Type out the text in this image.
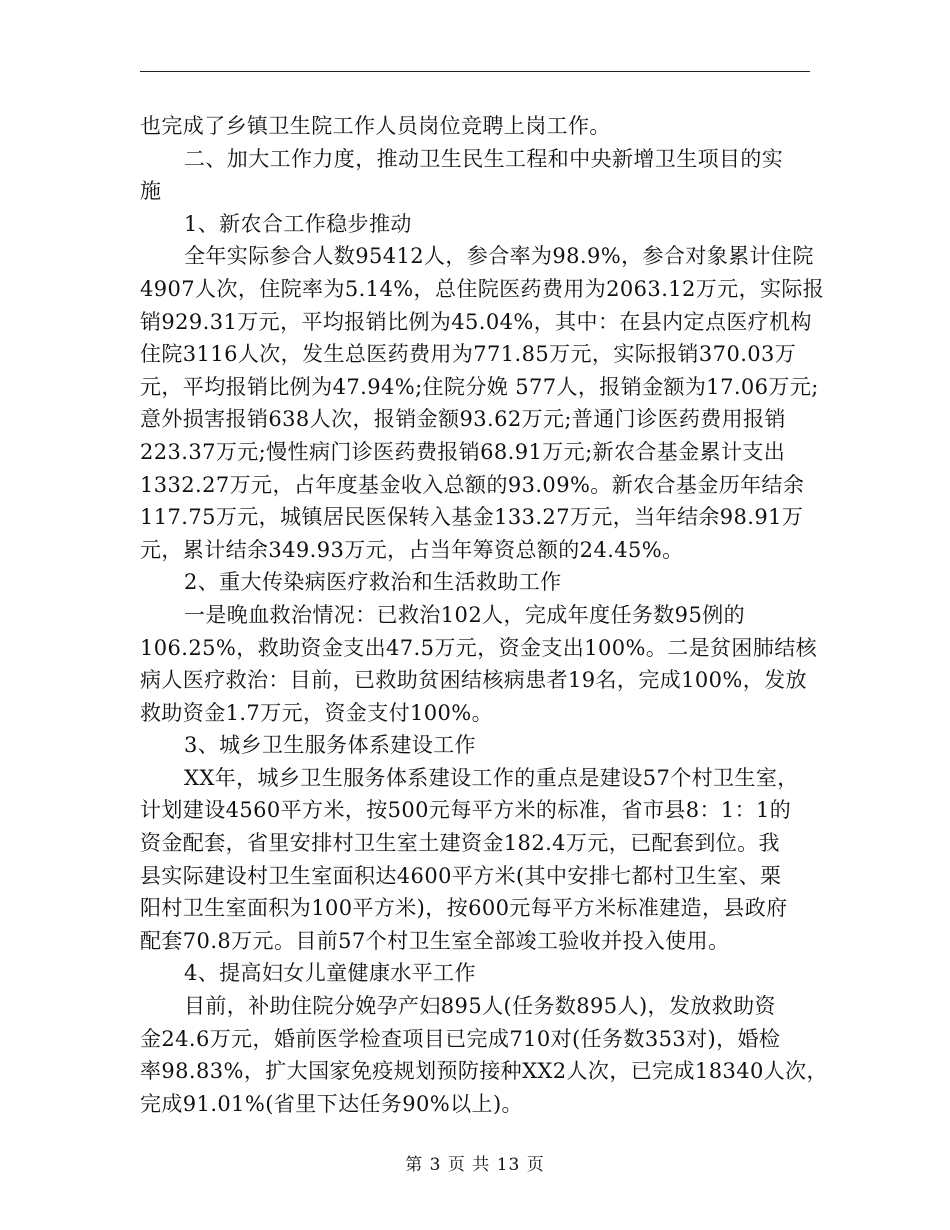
也完成了乡镇卫生院工作人员岗位竞聘上岗工作。
二、加大工作力度，推动卫生民生工程和中央新增卫生项目的实
施
1、新农合工作稳步推动
全年实际参合人数95412人，参合率为98.9%，参合对象累计住院
4907人次，住院率为5.14%，总住院医药费用为2063.12万元，实际报
销929.31万元，平均报销比例为45.04%，其中：在县内定点医疗机构
住院3116人次，发生总医药费用为771.85万元，实际报销370.03万
元，平均报销比例为47.94%;住院分娩 577人，报销金额为17.06万元;
意外损害报销638人次，报销金额93.62万元;普通门诊医药费用报销
223.37万元;慢性病门诊医药费报销68.91万元;新农合基金累计支出
1332.27万元，占年度基金收入总额的93.09%。新农合基金历年结余
117.75万元，城镇居民医保转入基金133.27万元，当年结余98.91万
元，累计结余349.93万元，占当年筹资总额的24.45%。
2、重大传染病医疗救治和生活救助工作
一是晚血救治情况：已救治102人，完成年度任务数95例的
106.25%，救助资金支出47.5万元，资金支出100%。二是贫困肺结核
病人医疗救治：目前，已救助贫困结核病患者19名，完成100%，发放
救助资金1.7万元，资金支付100%。
3、城乡卫生服务体系建设工作
XX年，城乡卫生服务体系建设工作的重点是建设57个村卫生室，
计划建设4560平方米，按500元每平方米的标准，省市县8：1：1的
资金配套，省里安排村卫生室土建资金182.4万元，已配套到位。我
县实际建设村卫生室面积达4600平方米(其中安排七都村卫生室、栗
阳村卫生室面积为100平方米)，按600元每平方米标准建造，县政府
配套70.8万元。目前57个村卫生室全部竣工验收并投入使用。
4、提高妇女儿童健康水平工作
目前，补助住院分娩孕产妇895人(任务数895人)，发放救助资
金24.6万元，婚前医学检查项目已完成710对(任务数353对)，婚检
率98.83%，扩大国家免疫规划预防接种XX2人次，已完成18340人次，
完成91.01%(省里下达任务90%以上)。
第 3 页 共 13 页
